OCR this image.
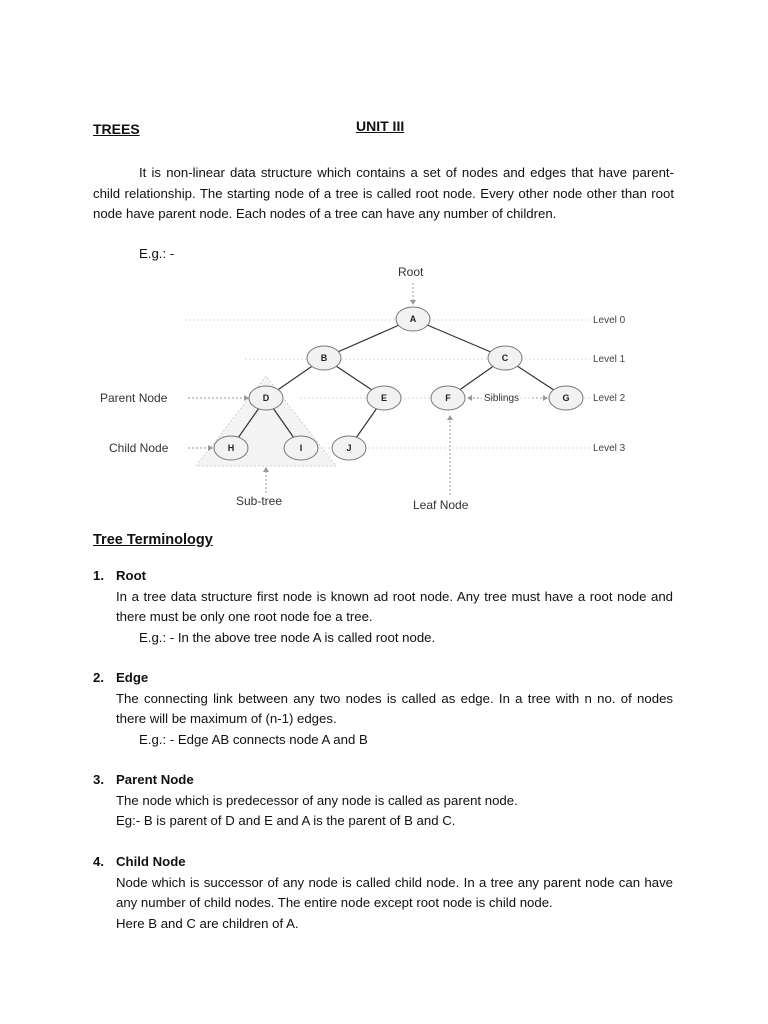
TREES	UNIT III

It is non-linear data structure which contains a set of nodes and edges that have parent-child relationship. The starting node of a tree is called root node. Every other node other than root node have parent node. Each nodes of a tree can have any number of children.

E.g.: -
A
B	C
D	E	F	G
H	I	J
Level 0
Level 1
Level 2
Level 3
Root
Parent Node
Child Node
Sub-tree	Leaf Node
Siblings
Tree Terminology
1. Root
In a tree data structure first node is known ad root node. Any tree must have a root node and there must be only one root node foe a tree.
E.g.: - In the above tree node A is called root node.
2. Edge
The connecting link between any two nodes is called as edge. In a tree with n no. of nodes there will be maximum of (n-1) edges.
E.g.: - Edge AB connects node A and B
3. Parent Node
The node which is predecessor of any node is called as parent node.
Eg:- B is parent of D and E and A is the parent of B and C.
4. Child Node
Node which is successor of any node is called child node. In a tree any parent node can have any number of child nodes. The entire node except root node is child node.
Here B and C are children of A.
